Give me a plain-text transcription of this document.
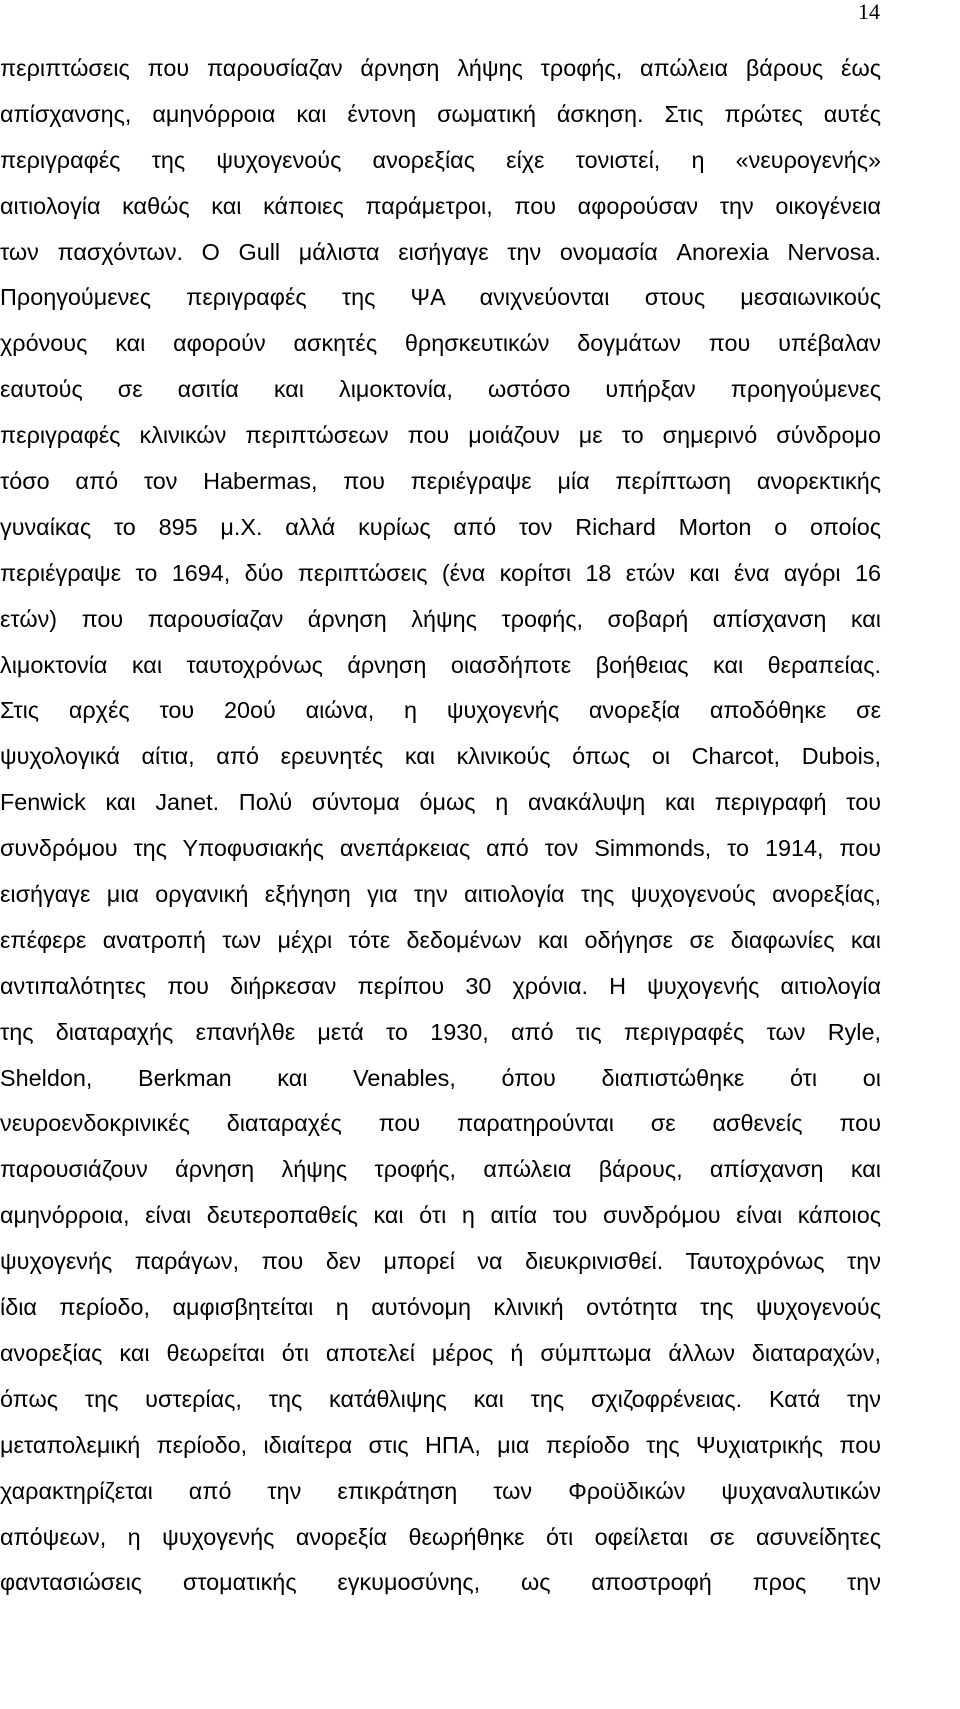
14
περιπτώσεις που παρουσίαζαν άρνηση λήψης τροφής, απώλεια βάρους έως
απίσχανσης, αμηνόρροια και έντονη σωματική άσκηση. Στις πρώτες αυτές
περιγραφές της ψυχογενούς ανορεξίας είχε τονιστεί, η «νευρογενής»
αιτιολογία καθώς και κάποιες παράμετροι, που αφορούσαν την οικογένεια
των πασχόντων. O Gull μάλιστα εισήγαγε την ονομασία Anorexia Nervosa.
Προηγούμενες περιγραφές της ΨΑ ανιχνεύονται στους μεσαιωνικούς
χρόνους και αφορούν ασκητές θρησκευτικών δογμάτων που υπέβαλαν
εαυτούς σε ασιτία και λιμοκτονία, ωστόσο υπήρξαν προηγούμενες
περιγραφές κλινικών περιπτώσεων που μοιάζουν με το σημερινό σύνδρομο
τόσο από τον Habermas, που περιέγραψε μία περίπτωση ανορεκτικής
γυναίκας το 895 μ.Χ. αλλά κυρίως από τον Richard Morton ο οποίος
περιέγραψε το 1694, δύο περιπτώσεις (ένα κορίτσι 18 ετών και ένα αγόρι 16
ετών) που παρουσίαζαν άρνηση λήψης τροφής, σοβαρή απίσχανση και
λιμοκτονία και ταυτοχρόνως άρνηση οιασδήποτε βοήθειας και θεραπείας.
Στις αρχές του 20ού αιώνα, η ψυχογενής ανορεξία αποδόθηκε σε
ψυχολογικά αίτια, από ερευνητές και κλινικούς όπως οι Charcot, Dubois,
Fenwick και Janet. Πολύ σύντομα όμως η ανακάλυψη και περιγραφή του
συνδρόμου της Υποφυσιακής ανεπάρκειας από τον Simmonds, το 1914, που
εισήγαγε μια οργανική εξήγηση για την αιτιολογία της ψυχογενούς ανορεξίας,
επέφερε ανατροπή των μέχρι τότε δεδομένων και οδήγησε σε διαφωνίες και
αντιπαλότητες που διήρκεσαν περίπου 30 χρόνια. Η ψυχογενής αιτιολογία
της διαταραχής επανήλθε μετά το 1930, από τις περιγραφές των Ryle,
Sheldon, Berkman και Venables, όπου διαπιστώθηκε ότι οι
νευροενδοκρινικές διαταραχές που παρατηρούνται σε ασθενείς που
παρουσιάζουν άρνηση λήψης τροφής, απώλεια βάρους, απίσχανση και
αμηνόρροια, είναι δευτεροπαθείς και ότι η αιτία του συνδρόμου είναι κάποιος
ψυχογενής παράγων, που δεν μπορεί να διευκρινισθεί. Ταυτοχρόνως την
ίδια περίοδο, αμφισβητείται η αυτόνομη κλινική οντότητα της ψυχογενούς
ανορεξίας και θεωρείται ότι αποτελεί μέρος ή σύμπτωμα άλλων διαταραχών,
όπως της υστερίας, της κατάθλιψης και της σχιζοφρένειας. Κατά την
μεταπολεμική περίοδο, ιδιαίτερα στις ΗΠΑ, μια περίοδο της Ψυχιατρικής που
χαρακτηρίζεται από την επικράτηση των Φροϋδικών ψυχαναλυτικών
απόψεων, η ψυχογενής ανορεξία θεωρήθηκε ότι οφείλεται σε ασυνείδητες
φαντασιώσεις στοματικής εγκυμοσύνης, ως αποστροφή προς την
